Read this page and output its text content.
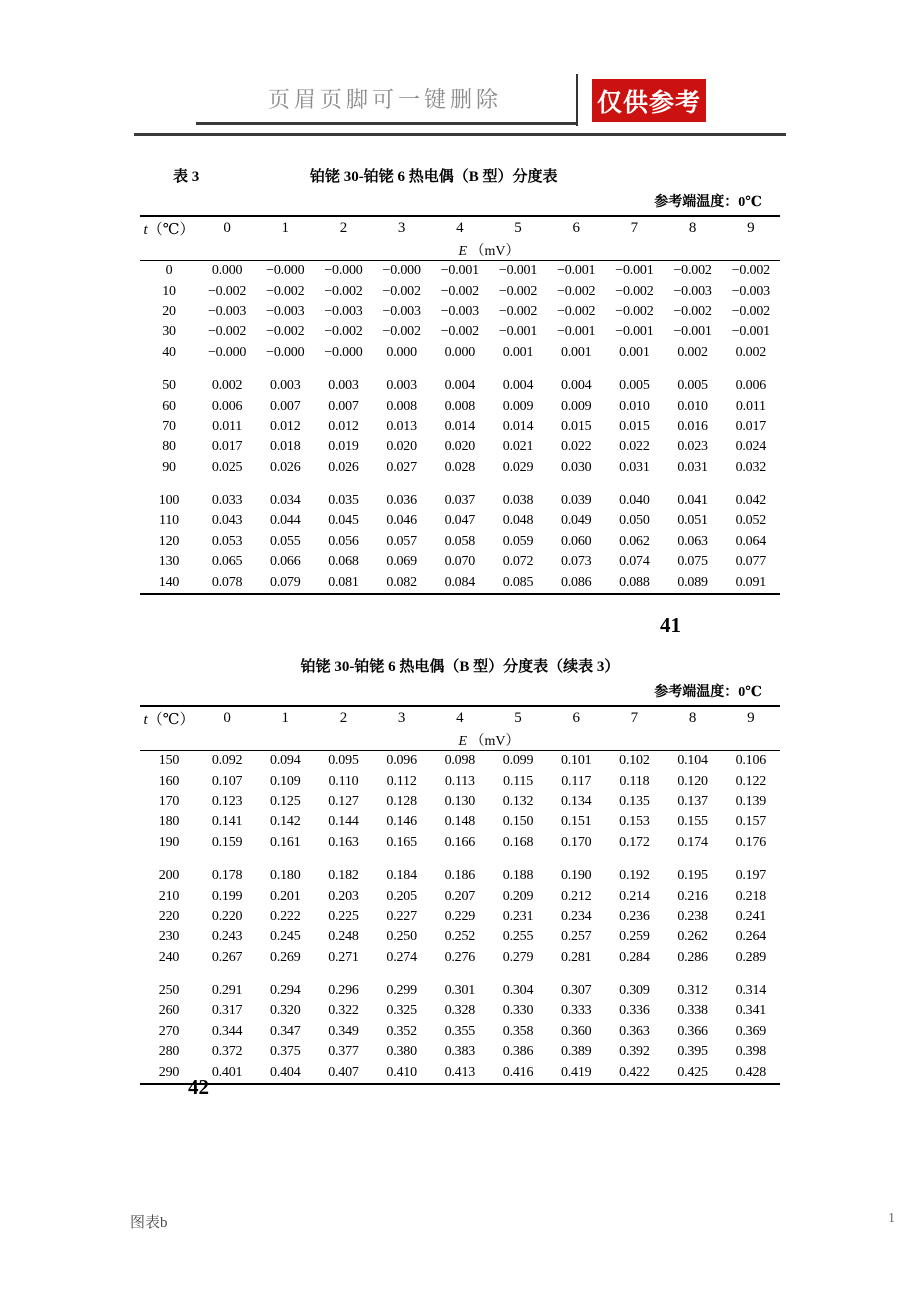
页眉页脚可一键删除	仅供参考
表 3	铂铑 30-铂铑 6 热电偶（B 型）分度表
参考端温度：0℃
t（℃）	0	1	2	3	4	5	6	7	8	9
	E （mV）									
0	0.000	−0.000	−0.000	−0.000	−0.001	−0.001	−0.001	−0.001	−0.002	−0.002
10	−0.002	−0.002	−0.002	−0.002	−0.002	−0.002	−0.002	−0.002	−0.003	−0.003
20	−0.003	−0.003	−0.003	−0.003	−0.003	−0.002	−0.002	−0.002	−0.002	−0.002
30	−0.002	−0.002	−0.002	−0.002	−0.002	−0.001	−0.001	−0.001	−0.001	−0.001
40	−0.000	−0.000	−0.000	0.000	0.000	0.001	0.001	0.001	0.002	0.002

50	0.002	0.003	0.003	0.003	0.004	0.004	0.004	0.005	0.005	0.006
60	0.006	0.007	0.007	0.008	0.008	0.009	0.009	0.010	0.010	0.011
70	0.011	0.012	0.012	0.013	0.014	0.014	0.015	0.015	0.016	0.017
80	0.017	0.018	0.019	0.020	0.020	0.021	0.022	0.022	0.023	0.024
90	0.025	0.026	0.026	0.027	0.028	0.029	0.030	0.031	0.031	0.032

100	0.033	0.034	0.035	0.036	0.037	0.038	0.039	0.040	0.041	0.042
110	0.043	0.044	0.045	0.046	0.047	0.048	0.049	0.050	0.051	0.052
120	0.053	0.055	0.056	0.057	0.058	0.059	0.060	0.062	0.063	0.064
130	0.065	0.066	0.068	0.069	0.070	0.072	0.073	0.074	0.075	0.077
140	0.078	0.079	0.081	0.082	0.084	0.085	0.086	0.088	0.089	0.091
41
铂铑 30-铂铑 6 热电偶（B 型）分度表（续表 3）
参考端温度：0℃
t（℃）	0	1	2	3	4	5	6	7	8	9
	E （mV）									
150	0.092	0.094	0.095	0.096	0.098	0.099	0.101	0.102	0.104	0.106
160	0.107	0.109	0.110	0.112	0.113	0.115	0.117	0.118	0.120	0.122
170	0.123	0.125	0.127	0.128	0.130	0.132	0.134	0.135	0.137	0.139
180	0.141	0.142	0.144	0.146	0.148	0.150	0.151	0.153	0.155	0.157
190	0.159	0.161	0.163	0.165	0.166	0.168	0.170	0.172	0.174	0.176

200	0.178	0.180	0.182	0.184	0.186	0.188	0.190	0.192	0.195	0.197
210	0.199	0.201	0.203	0.205	0.207	0.209	0.212	0.214	0.216	0.218
220	0.220	0.222	0.225	0.227	0.229	0.231	0.234	0.236	0.238	0.241
230	0.243	0.245	0.248	0.250	0.252	0.255	0.257	0.259	0.262	0.264
240	0.267	0.269	0.271	0.274	0.276	0.279	0.281	0.284	0.286	0.289

250	0.291	0.294	0.296	0.299	0.301	0.304	0.307	0.309	0.312	0.314
260	0.317	0.320	0.322	0.325	0.328	0.330	0.333	0.336	0.338	0.341
270	0.344	0.347	0.349	0.352	0.355	0.358	0.360	0.363	0.366	0.369
280	0.372	0.375	0.377	0.380	0.383	0.386	0.389	0.392	0.395	0.398
290	0.401	0.404	0.407	0.410	0.413	0.416	0.419	0.422	0.425	0.428
42
图表b	1
